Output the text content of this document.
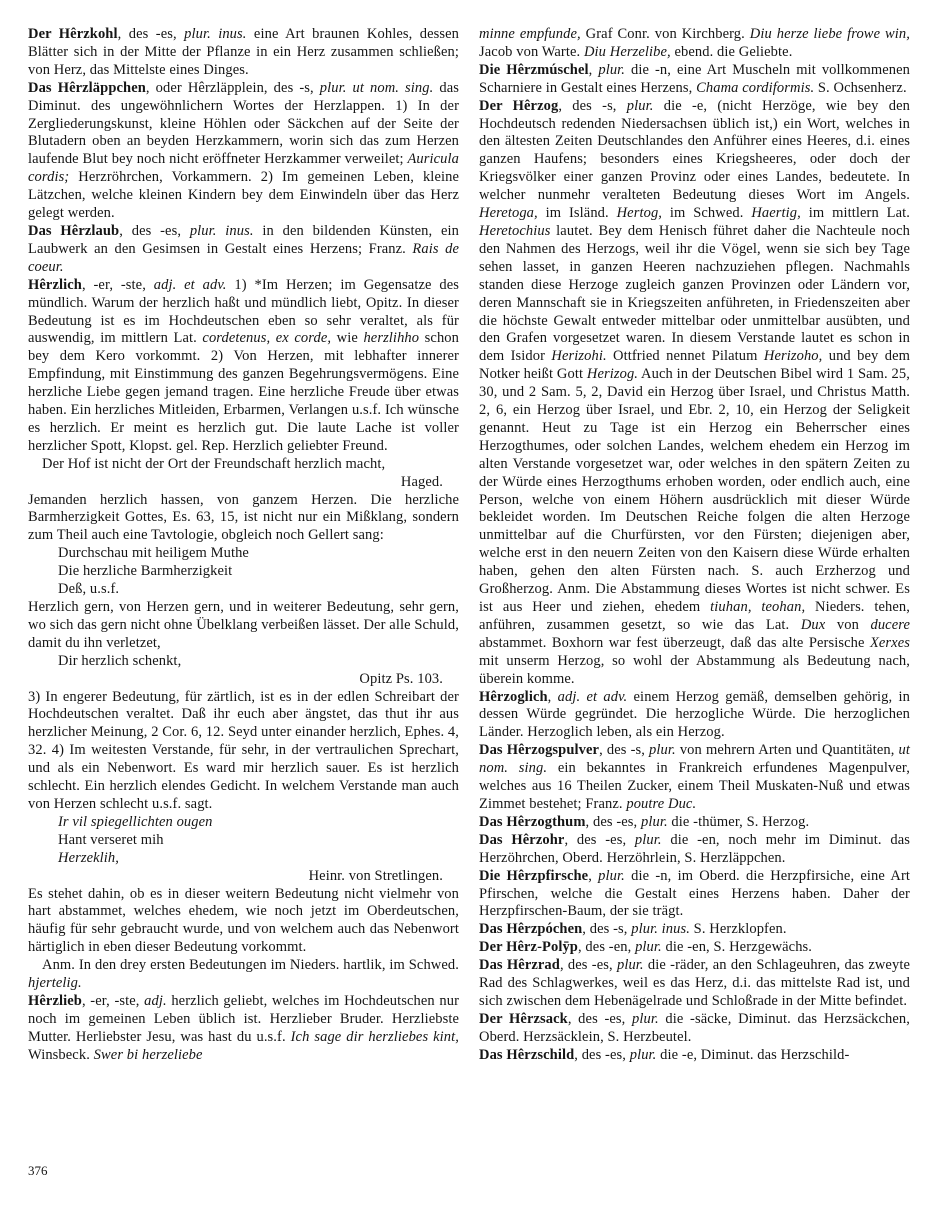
Der Hêrzkohl, des -es, plur. inus. eine Art braunen Kohles, dessen Blätter sich in der Mitte der Pflanze in ein Herz zusammen schließen; von Herz, das Mittelste eines Dinges.

Das Hêrzläppchen, oder Hêrzläpplein, des -s, plur. ut nom. sing. das Diminut. des ungewöhnlichern Wortes der Herzlappen. 1) In der Zergliederungskunst, kleine Höhlen oder Säckchen auf der Seite der Blutadern oben an beyden Herzkammern, worin sich das zum Herzen laufende Blut bey noch nicht eröffneter Herzkammer verweilet; Auricula cordis; Herzröhrchen, Vorkammern. 2) Im gemeinen Leben, kleine Lätzchen, welche kleinen Kindern bey dem Einwindeln über das Herz gelegt werden.

Das Hêrzlaub, des -es, plur. inus. in den bildenden Künsten, ein Laubwerk an den Gesimsen in Gestalt eines Herzens; Franz. Rais de coeur.

Hêrzlich, -er, -ste, adj. et adv. 1) *Im Herzen; im Gegensatze des mündlich. Warum der herzlich haßt und mündlich liebt, Opitz. In dieser Bedeutung ist es im Hochdeutschen eben so sehr veraltet, als für auswendig, im mittlern Lat. cordetenus, ex corde, wie herzlihho schon bey dem Kero vorkommt. 2) Von Herzen, mit lebhafter innerer Empfindung, mit Einstimmung des ganzen Begehrungsvermögens. Eine herzliche Liebe gegen jemand tragen. Eine herzliche Freude über etwas haben. Ein herzliches Mitleiden, Erbarmen, Verlangen u.s.f. Ich wünsche es herzlich. Er meint es herzlich gut. Die laute Lache ist voller herzlicher Spott, Klopst. gel. Rep. Herzlich geliebter Freund.

Der Hof ist nicht der Ort der Freundschaft herzlich macht,

Haged.

Jemanden herzlich hassen, von ganzem Herzen. Die herzliche Barmherzigkeit Gottes, Es. 63, 15, ist nicht nur ein Mißklang, sondern zum Theil auch eine Tavtologie, obgleich noch Gellert sang:

Durchschau mit heiligem Muthe

Die herzliche Barmherzigkeit

Deß, u.s.f.

Herzlich gern, von Herzen gern, und in weiterer Bedeutung, sehr gern, wo sich das gern nicht ohne Übelklang verbeißen lässet. Der alle Schuld, damit du ihn verletzet,

Dir herzlich schenkt,

Opitz Ps. 103.

3) In engerer Bedeutung, für zärtlich, ist es in der edlen Schreibart der Hochdeutschen veraltet. Daß ihr euch aber ängstet, das thut ihr aus herzlicher Meinung, 2 Cor. 6, 12. Seyd unter einander herzlich, Ephes. 4, 32. 4) Im weitesten Verstande, für sehr, in der vertraulichen Sprechart, und als ein Nebenwort. Es ward mir herzlich sauer. Es ist herzlich schlecht. Ein herzlich elendes Gedicht. In welchem Verstande man auch von Herzen schlecht u.s.f. sagt.

Ir vil spiegellichten ougen

Hant verseret mih

Herzeklih,

Heinr. von Stretlingen.

Es stehet dahin, ob es in dieser weitern Bedeutung nicht vielmehr von hart abstammet, welches ehedem, wie noch jetzt im Oberdeutschen, häufig für sehr gebraucht wurde, und von welchem auch das Nebenwort härtiglich in eben dieser Bedeutung vorkommt.

Anm. In den drey ersten Bedeutungen im Nieders. hartlik, im Schwed. hjertelig.

Hêrzlieb, -er, -ste, adj. herzlich geliebt, welches im Hochdeutschen nur noch im gemeinen Leben üblich ist. Herzlieber Bruder. Herzliebste Mutter. Herliebster Jesu, was hast du u.s.f. Ich sage dir herzliebes kint, Winsbeck. Swer bi herzeliebe

minne empfunde, Graf Conr. von Kirchberg. Diu herze liebe frowe win, Jacob von Warte. Diu Herzelibe, ebend. die Geliebte.

Die Hêrzmúschel, plur. die -n, eine Art Muscheln mit vollkommenen Scharniere in Gestalt eines Herzens, Chama cordiformis. S. Ochsenherz.

Der Hêrzog, des -s, plur. die -e, (nicht Herzöge, wie bey den Hochdeutsch redenden Niedersachsen üblich ist,) ein Wort, welches in den ältesten Zeiten Deutschlandes den Anführer eines Heeres, d.i. eines ganzen Haufens; besonders eines Kriegsheeres, oder doch der Kriegsvölker einer ganzen Provinz oder eines Landes, bedeutete. In welcher nunmehr veralteten Bedeutung dieses Wort im Angels. Heretoga, im Isländ. Hertog, im Schwed. Haertig, im mittlern Lat. Heretochius lautet. Bey dem Henisch führet daher die Nachteule noch den Nahmen des Herzogs, weil ihr die Vögel, wenn sie sich bey Tage sehen lasset, in ganzen Heeren nachzuziehen pflegen. Nachmahls standen diese Herzoge zugleich ganzen Provinzen oder Ländern vor, deren Mannschaft sie in Kriegszeiten anführeten, in Friedenszeiten aber die höchste Gewalt entweder mittelbar oder unmittelbar ausübten, und den Grafen vorgesetzet waren. In diesem Verstande lautet es schon in dem Isidor Herizohi. Ottfried nennet Pilatum Herizoho, und bey dem Notker heißt Gott Herizog. Auch in der Deutschen Bibel wird 1 Sam. 25, 30, und 2 Sam. 5, 2, David ein Herzog über Israel, und Christus Matth. 2, 6, ein Herzog über Israel, und Ebr. 2, 10, ein Herzog der Seligkeit genannt. Heut zu Tage ist ein Herzog ein Beherrscher eines Herzogthumes, oder solchen Landes, welchem ehedem ein Herzog im alten Verstande vorgesetzet war, oder welches in den spätern Zeiten zu der Würde eines Herzogthums erhoben worden, oder endlich auch, eine Person, welche von einem Höhern ausdrücklich mit dieser Würde bekleidet worden. Im Deutschen Reiche folgen die alten Herzoge unmittelbar auf die Churfürsten, vor den Fürsten; diejenigen aber, welche erst in den neuern Zeiten von den Kaisern diese Würde erhalten haben, gehen den alten Fürsten nach. S. auch Erzherzog und Großherzog. Anm. Die Abstammung dieses Wortes ist nicht schwer. Es ist aus Heer und ziehen, ehedem tiuhan, teohan, Nieders. tehen, anführen, zusammen gesetzt, so wie das Lat. Dux von ducere abstammet. Boxhorn war fest überzeugt, daß das alte Persische Xerxes mit unserm Herzog, so wohl der Abstammung als Bedeutung nach, überein komme.

Hêrzoglich, adj. et adv. einem Herzog gemäß, demselben gehörig, in dessen Würde gegründet. Die herzogliche Würde. Die herzoglichen Länder. Herzoglich leben, als ein Herzog.

Das Hêrzogspulver, des -s, plur. von mehrern Arten und Quantitäten, ut nom. sing. ein bekanntes in Frankreich erfundenes Magenpulver, welches aus 16 Theilen Zucker, einem Theil Muskaten-Nuß und etwas Zimmet bestehet; Franz. poutre Duc.

Das Hêrzogthum, des -es, plur. die -thümer, S. Herzog.

Das Hêrzohr, des -es, plur. die -en, noch mehr im Diminut. das Herzöhrchen, Oberd. Herzöhrlein, S. Herzläppchen.

Die Hêrzpfirsche, plur. die -n, im Oberd. die Herzpfirsiche, eine Art Pfirschen, welche die Gestalt eines Herzens haben. Daher der Herzpfirschen-Baum, der sie trägt.

Das Hêrzpóchen, des -s, plur. inus. S. Herzklopfen.

Der Hêrz-Polȳp, des -en, plur. die -en, S. Herzgewächs.

Das Hêrzrad, des -es, plur. die -räder, an den Schlageuhren, das zweyte Rad des Schlagwerkes, weil es das Herz, d.i. das mittelste Rad ist, und sich zwischen dem Hebenägelrade und Schloßrade in der Mitte befindet.

Der Hêrzsack, des -es, plur. die -säcke, Diminut. das Herzsäckchen, Oberd. Herzsäcklein, S. Herzbeutel.

Das Hêrzschild, des -es, plur. die -e, Diminut. das Herzschild-

376
